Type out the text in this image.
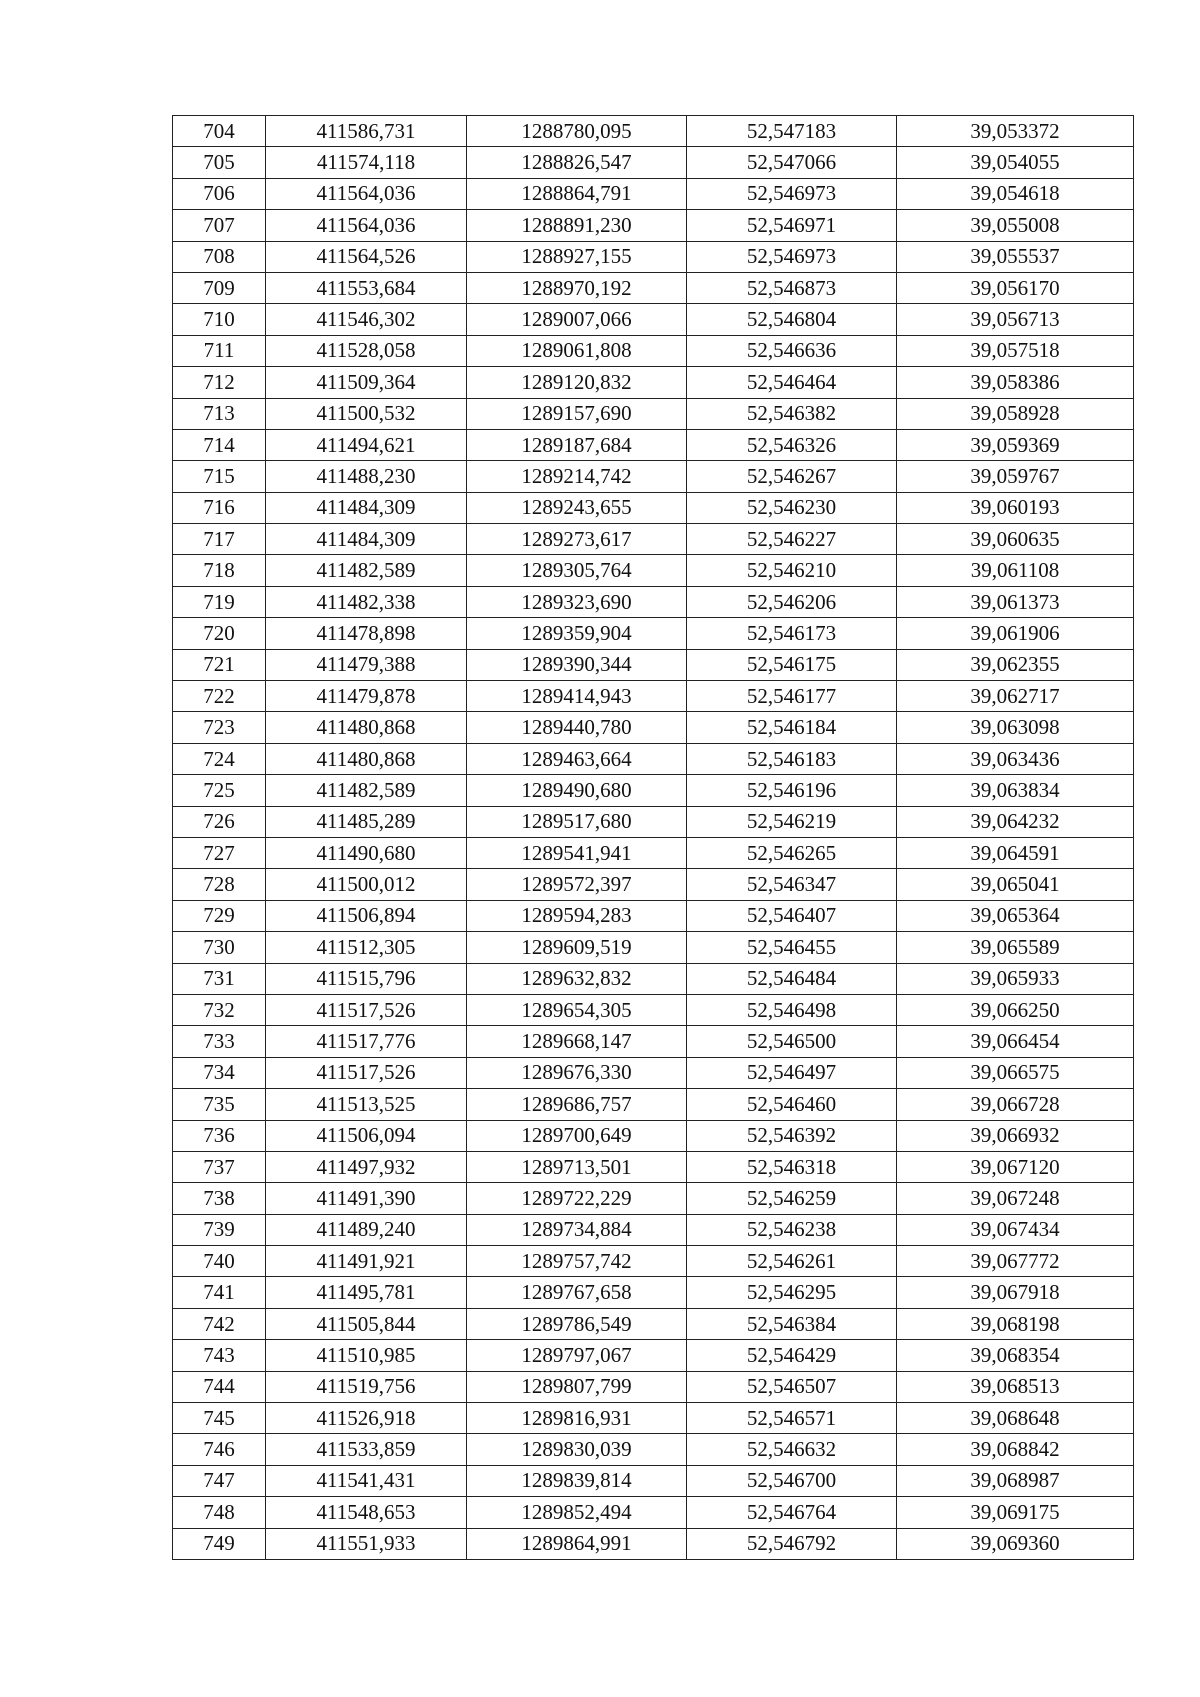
704	411586,731	1288780,095	52,547183	39,053372
705	411574,118	1288826,547	52,547066	39,054055
706	411564,036	1288864,791	52,546973	39,054618
707	411564,036	1288891,230	52,546971	39,055008
708	411564,526	1288927,155	52,546973	39,055537
709	411553,684	1288970,192	52,546873	39,056170
710	411546,302	1289007,066	52,546804	39,056713
711	411528,058	1289061,808	52,546636	39,057518
712	411509,364	1289120,832	52,546464	39,058386
713	411500,532	1289157,690	52,546382	39,058928
714	411494,621	1289187,684	52,546326	39,059369
715	411488,230	1289214,742	52,546267	39,059767
716	411484,309	1289243,655	52,546230	39,060193
717	411484,309	1289273,617	52,546227	39,060635
718	411482,589	1289305,764	52,546210	39,061108
719	411482,338	1289323,690	52,546206	39,061373
720	411478,898	1289359,904	52,546173	39,061906
721	411479,388	1289390,344	52,546175	39,062355
722	411479,878	1289414,943	52,546177	39,062717
723	411480,868	1289440,780	52,546184	39,063098
724	411480,868	1289463,664	52,546183	39,063436
725	411482,589	1289490,680	52,546196	39,063834
726	411485,289	1289517,680	52,546219	39,064232
727	411490,680	1289541,941	52,546265	39,064591
728	411500,012	1289572,397	52,546347	39,065041
729	411506,894	1289594,283	52,546407	39,065364
730	411512,305	1289609,519	52,546455	39,065589
731	411515,796	1289632,832	52,546484	39,065933
732	411517,526	1289654,305	52,546498	39,066250
733	411517,776	1289668,147	52,546500	39,066454
734	411517,526	1289676,330	52,546497	39,066575
735	411513,525	1289686,757	52,546460	39,066728
736	411506,094	1289700,649	52,546392	39,066932
737	411497,932	1289713,501	52,546318	39,067120
738	411491,390	1289722,229	52,546259	39,067248
739	411489,240	1289734,884	52,546238	39,067434
740	411491,921	1289757,742	52,546261	39,067772
741	411495,781	1289767,658	52,546295	39,067918
742	411505,844	1289786,549	52,546384	39,068198
743	411510,985	1289797,067	52,546429	39,068354
744	411519,756	1289807,799	52,546507	39,068513
745	411526,918	1289816,931	52,546571	39,068648
746	411533,859	1289830,039	52,546632	39,068842
747	411541,431	1289839,814	52,546700	39,068987
748	411548,653	1289852,494	52,546764	39,069175
749	411551,933	1289864,991	52,546792	39,069360
